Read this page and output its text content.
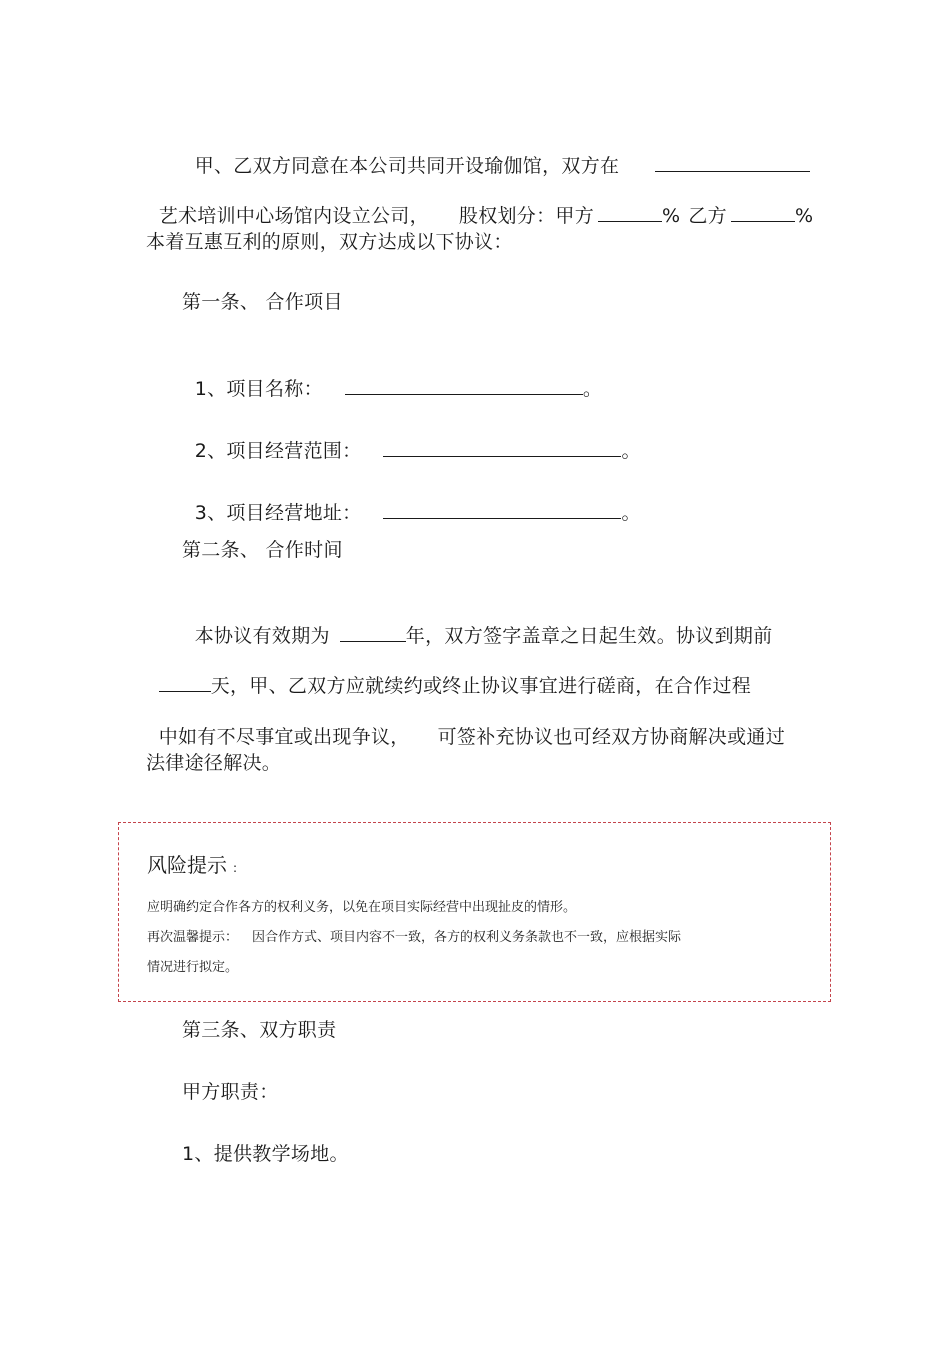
甲、乙双方同意在本公司共同开设瑜伽馆，双方在

艺术培训中心场馆内设立公司， 股权划分：甲方	% 乙方	%

本着互惠互利的原则，双方达成以下协议：
第一条、 合作项目

1、项目名称：	。

2、项目经营范围：	。

3、项目经营地址：	。

第二条、 合作时间

本协议有效期为	年，双方签字盖章之日起生效。协议到期前

天，甲、乙双方应就续约或终止协议事宜进行磋商，在合作过程

中如有不尽事宜或出现争议， 可签补充协议也可经双方协商解决或通过

法律途径解决。
风险提示 :
应明确约定合作各方的权利义务，以免在项目实际经营中出现扯皮的情形。
再次温馨提示： 因合作方式、项目内容不一致，各方的权利义务条款也不一致，应根据实际
情况进行拟定。
第三条、双方职责
甲方职责：
1、提供教学场地。
